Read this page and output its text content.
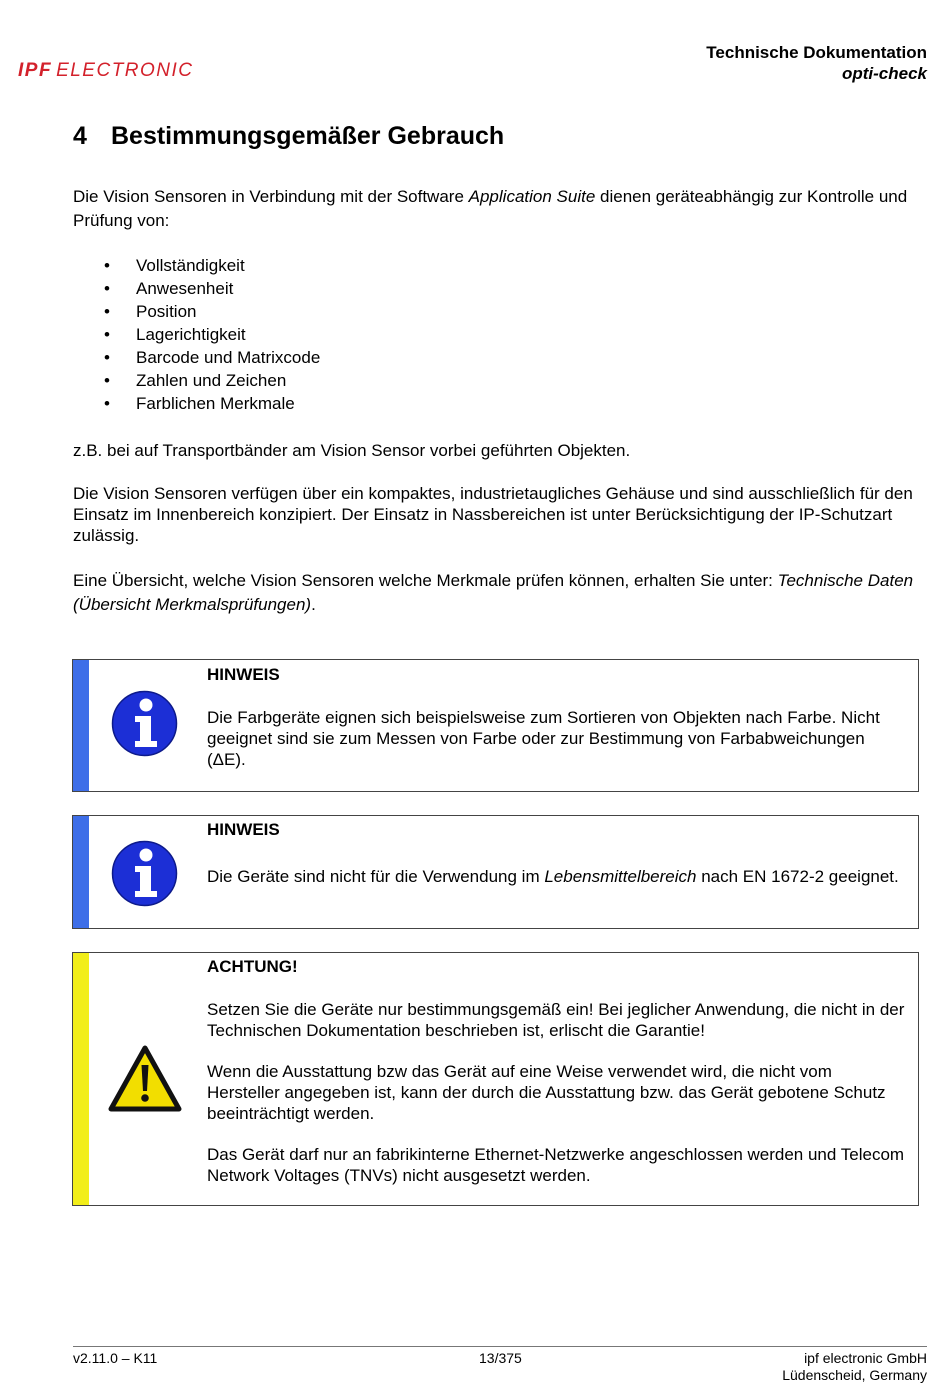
IPF ELECTRONIC
Technische Dokumentation
opti-check
4 Bestimmungsgemäßer Gebrauch
Die Vision Sensoren in Verbindung mit der Software Application Suite dienen geräteabhängig zur Kontrolle und Prüfung von:
• Vollständigkeit
• Anwesenheit
• Position
• Lagerichtigkeit
• Barcode und Matrixcode
• Zahlen und Zeichen
• Farblichen Merkmale
z.B. bei auf Transportbänder am Vision Sensor vorbei geführten Objekten.
Die Vision Sensoren verfügen über ein kompaktes, industrietaugliches Gehäuse und sind ausschließlich für den Einsatz im Innenbereich konzipiert. Der Einsatz in Nassbereichen ist unter Berücksichtigung der IP-Schutzart zulässig.
Eine Übersicht, welche Vision Sensoren welche Merkmale prüfen können, erhalten Sie unter: Technische Daten (Übersicht Merkmalsprüfungen).

HINWEIS

Die Farbgeräte eignen sich beispielsweise zum Sortieren von Objekten nach Farbe. Nicht geeignet sind sie zum Messen von Farbe oder zur Bestimmung von Farbabweichungen (ΔE).

HINWEIS

Die Geräte sind nicht für die Verwendung im Lebensmittelbereich nach EN 1672-2 geeignet.

ACHTUNG!

Setzen Sie die Geräte nur bestimmungsgemäß ein! Bei jeglicher Anwendung, die nicht in der Technischen Dokumentation beschrieben ist, erlischt die Garantie!

Wenn die Ausstattung bzw das Gerät auf eine Weise verwendet wird, die nicht vom Hersteller angegeben ist, kann der durch die Ausstattung bzw. das Gerät gebotene Schutz beeinträchtigt werden.

Das Gerät darf nur an fabrikinterne Ethernet-Netzwerke angeschlossen werden und Telecom Network Voltages (TNVs) nicht ausgesetzt werden.

v2.11.0 – K11	13/375	ipf electronic GmbH
Lüdenscheid, Germany
